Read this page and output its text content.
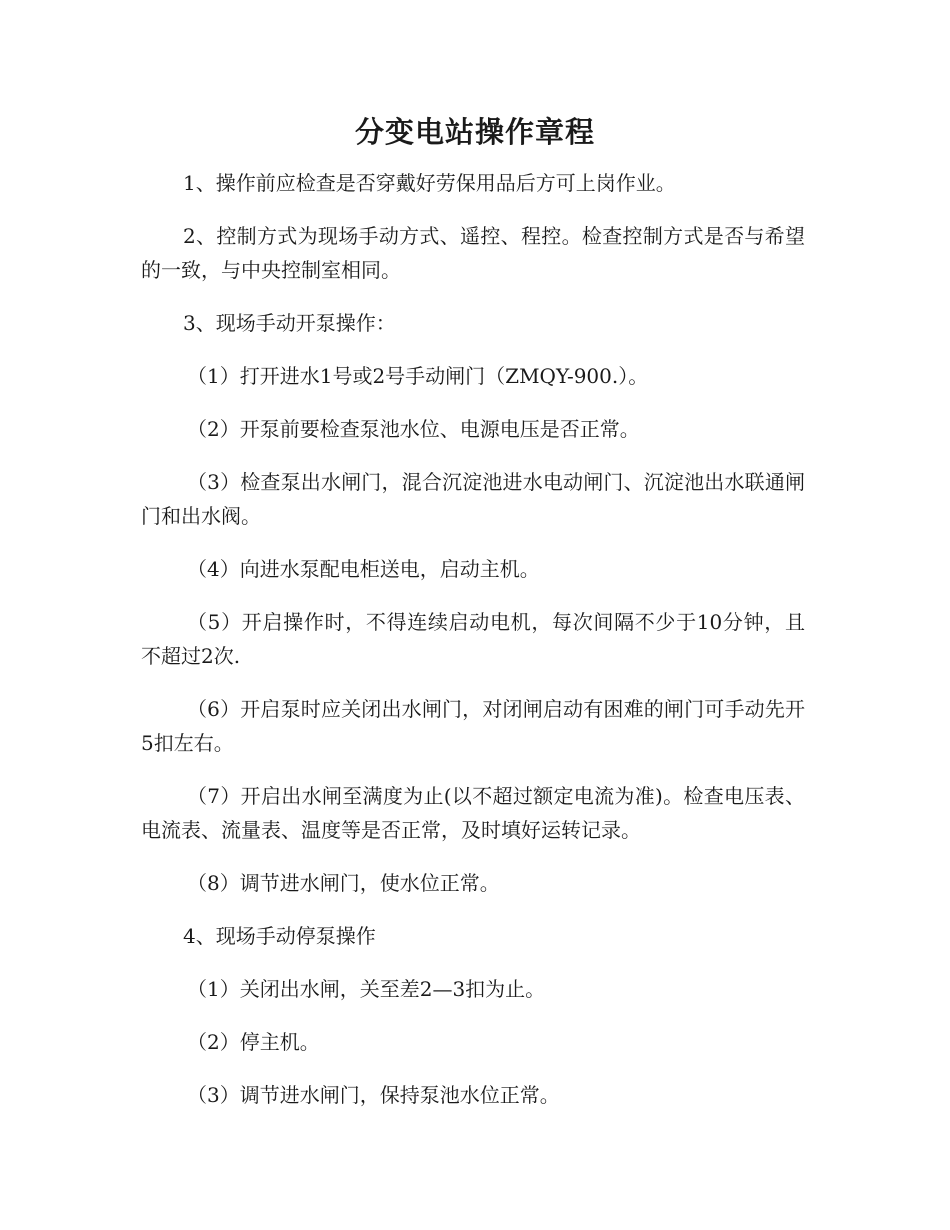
分变电站操作章程

1、操作前应检查是否穿戴好劳保用品后方可上岗作业。

2、控制方式为现场手动方式、遥控、程控。检查控制方式是否与希望的一致，与中央控制室相同。

3、现场手动开泵操作：

（1）打开进水1号或2号手动闸门（ZMQY-900.）。

（2）开泵前要检查泵池水位、电源电压是否正常。

（3）检查泵出水闸门，混合沉淀池进水电动闸门、沉淀池出水联通闸门和出水阀。

（4）向进水泵配电柜送电，启动主机。

（5）开启操作时，不得连续启动电机，每次间隔不少于10分钟，且不超过2次.

（6）开启泵时应关闭出水闸门，对闭闸启动有困难的闸门可手动先开5扣左右。

（7）开启出水闸至满度为止(以不超过额定电流为准)。检查电压表、电流表、流量表、温度等是否正常，及时填好运转记录。

（8）调节进水闸门，使水位正常。

4、现场手动停泵操作

（1）关闭出水闸，关至差2—3扣为止。

（2）停主机。

（3）调节进水闸门，保持泵池水位正常。
